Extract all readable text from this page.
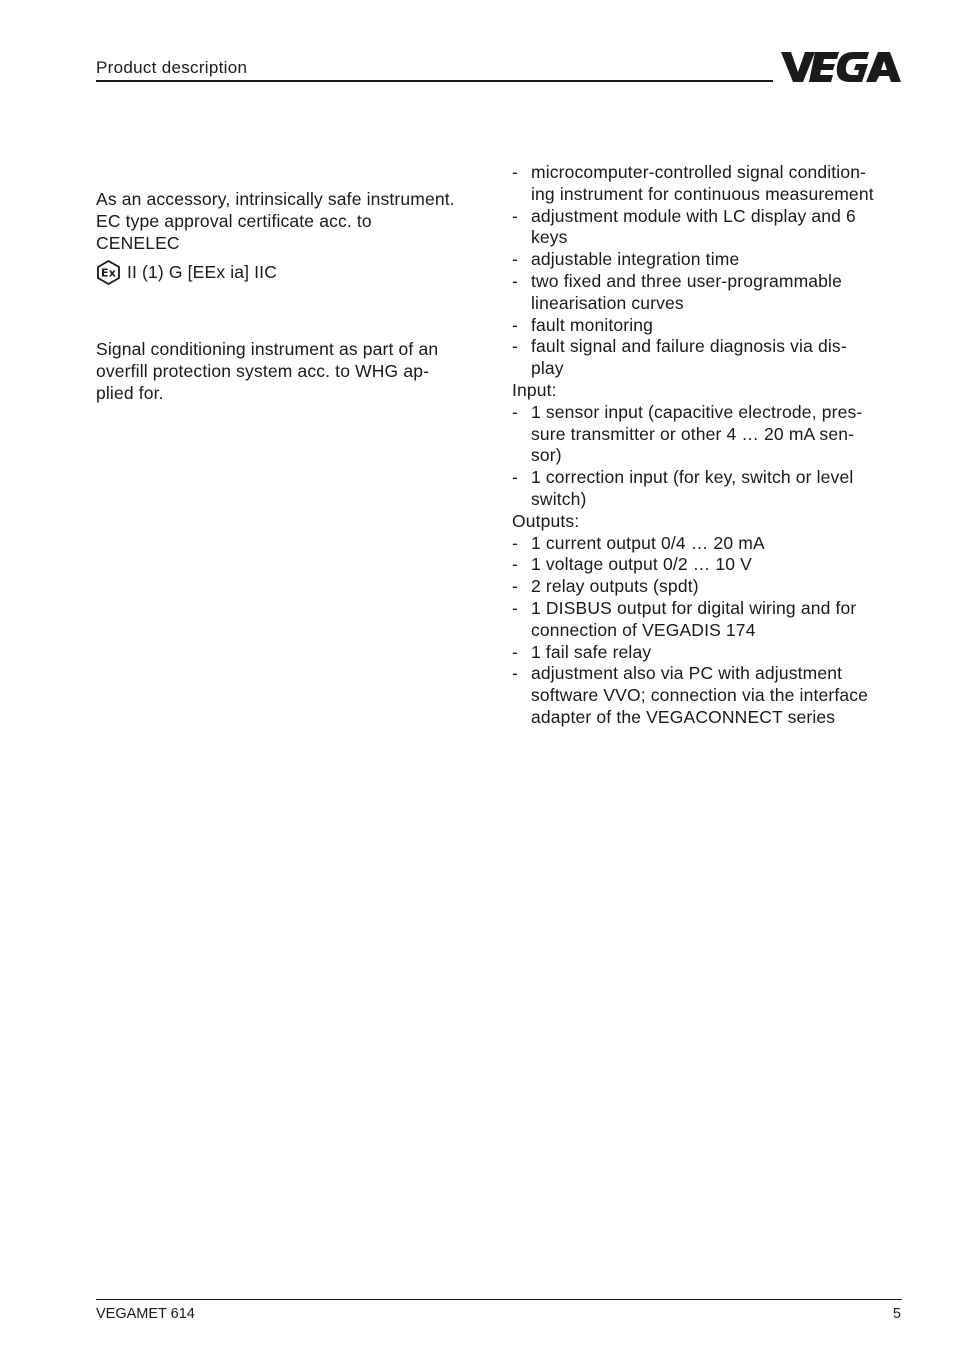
Product description

As an accessory, intrinsically safe instrument.
EC type approval certificate acc. to
CENELEC

Ex II (1) G [EEx ia] IIC

Signal conditioning instrument as part of an
overfill protection system acc. to WHG ap-
plied for.

- microcomputer-controlled signal condition-
ing instrument for continuous measurement
- adjustment module with LC display and 6
keys
- adjustable integration time
- two fixed and three user-programmable
linearisation curves
- fault monitoring
- fault signal and failure diagnosis via dis-
play
Input:
- 1 sensor input (capacitive electrode, pres-
sure transmitter or other 4 … 20 mA sen-
sor)
- 1 correction input (for key, switch or level
switch)
Outputs:
- 1 current output 0/4 … 20 mA
- 1 voltage output 0/2 … 10 V
- 2 relay outputs (spdt)
- 1 DISBUS output for digital wiring and for
connection of VEGADIS 174
- 1 fail safe relay
- adjustment also via PC with adjustment
software VVO; connection via the interface
adapter of the VEGACONNECT series
VEGAMET 614	5
